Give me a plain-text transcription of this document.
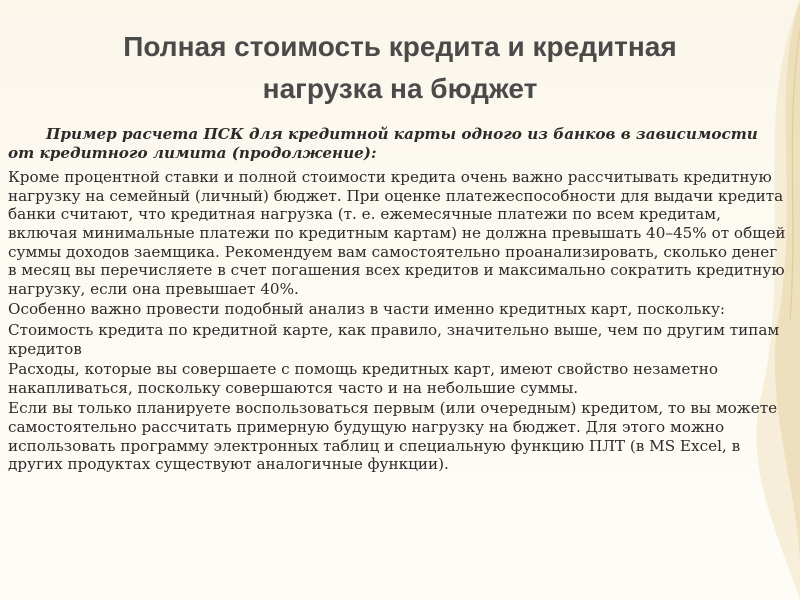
Полная стоимость кредита и кредитная нагрузка на бюджет

Пример расчета ПСК для кредитной карты одного из банков в зависимости от кредитного лимита (продолжение):

Кроме процентной ставки и полной стоимости кредита очень важно рассчитывать кредитную нагрузку на семейный (личный) бюджет. При оценке платежеспособности для выдачи кредита банки считают, что кредитная нагрузка (т. е. ежемесячные платежи по всем кредитам, включая минимальные платежи по кредитным картам) не должна превышать 40–45% от общей суммы доходов заемщика. Рекомендуем вам самостоятельно проанализировать, сколько денег в месяц вы перечисляете в счет погашения всех кредитов и максимально сократить кредитную нагрузку, если она превышает 40%.

Особенно важно провести подобный анализ в части именно кредитных карт, поскольку:

Стоимость кредита по кредитной карте, как правило, значительно выше, чем по другим типам кредитов

Расходы, которые вы совершаете с помощь кредитных карт, имеют свойство незаметно накапливаться, поскольку совершаются часто и на небольшие суммы.

Если вы только планируете воспользоваться первым (или очередным) кредитом, то вы можете самостоятельно рассчитать примерную будущую нагрузку на бюджет. Для этого можно использовать программу электронных таблиц и специальную функцию ПЛТ (в MS Excel, в других продуктах существуют аналогичные функции).
